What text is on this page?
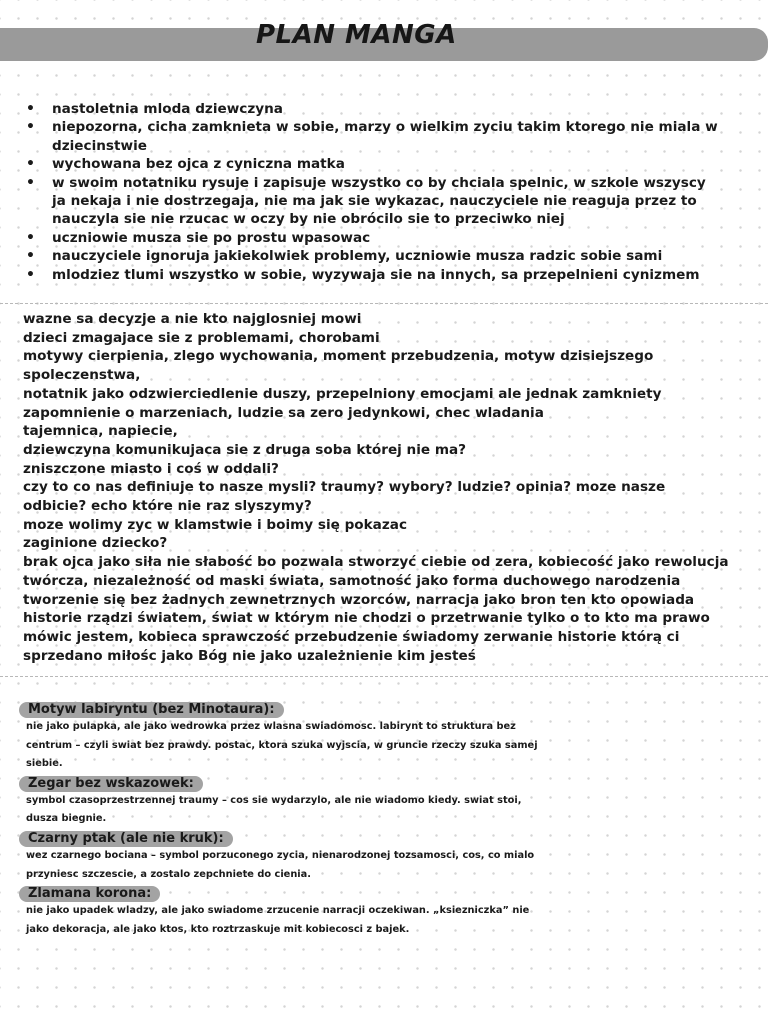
PLAN MANGA
• nastoletnia mloda dziewczyna
• niepozorna, cicha zamknieta w sobie, marzy o wielkim zyciu takim ktorego nie miala w dziecinstwie
• wychowana bez ojca z cyniczna matka
• w swoim notatniku rysuje i zapisuje wszystko co by chciala spelnic, w szkole wszyscy ja nekaja i nie dostrzegaja, nie ma jak sie wykazac, nauczyciele nie reaguja przez to nauczyla sie nie rzucac w oczy by nie obrócilo sie to przeciwko niej
• uczniowie musza sie po prostu wpasowac
• nauczyciele ignoruja jakiekolwiek problemy, uczniowie musza radzic sobie sami
• mlodziez tlumi wszystko w sobie, wyzywaja sie na innych, sa przepelnieni cynizmem
wazne sa decyzje a nie kto najglosniej mowi
dzieci zmagajace sie z problemami, chorobami
motywy cierpienia, zlego wychowania, moment przebudzenia, motyw dzisiejszego
spoleczenstwa,
notatnik jako odzwierciedlenie duszy, przepelniony emocjami ale jednak zamkniety
zapomnienie o marzeniach, ludzie sa zero jedynkowi, chec wladania
tajemnica, napiecie,
dziewczyna komunikujaca sie z druga soba której nie ma?
zniszczone miasto i coś w oddali?
czy to co nas definiuje to nasze mysli? traumy? wybory? ludzie? opinia? moze nasze
odbicie? echo które nie raz slyszymy?
moze wolimy zyc w klamstwie i boimy się pokazac
zaginione dziecko?
brak ojca jako siła nie słabość bo pozwala stworzyć ciebie od zera, kobiecość jako rewolucja
twórcza, niezależność od maski świata, samotność jako forma duchowego narodzenia
tworzenie się bez żadnych zewnetrznych wzorców, narracja jako bron ten kto opowiada
historie rządzi światem, świat w którym nie chodzi o przetrwanie tylko o to kto ma prawo
mówic jestem, kobieca sprawczość przebudzenie świadomy zerwanie historie którą ci
sprzedano miłośc jako Bóg nie jako uzależnienie kim jesteś
Motyw labiryntu (bez Minotaura):
nie jako pulapka, ale jako wedrowka przez wlasna swiadomosc. labirynt to struktura bez
centrum – czyli swiat bez prawdy. postac, ktora szuka wyjscia, w gruncie rzeczy szuka samej
siebie.
Zegar bez wskazowek:
symbol czasoprzestrzennej traumy – cos sie wydarzylo, ale nie wiadomo kiedy. swiat stoi,
dusza biegnie.
Czarny ptak (ale nie kruk):
wez czarnego bociana – symbol porzuconego zycia, nienarodzonej tozsamosci, cos, co mialo
przyniesc szczescie, a zostalo zepchniete do cienia.
Zlamana korona:
nie jako upadek wladzy, ale jako swiadome zrzucenie narracji oczekiwan. „ksiezniczka” nie
jako dekoracja, ale jako ktos, kto roztrzaskuje mit kobiecosci z bajek.
